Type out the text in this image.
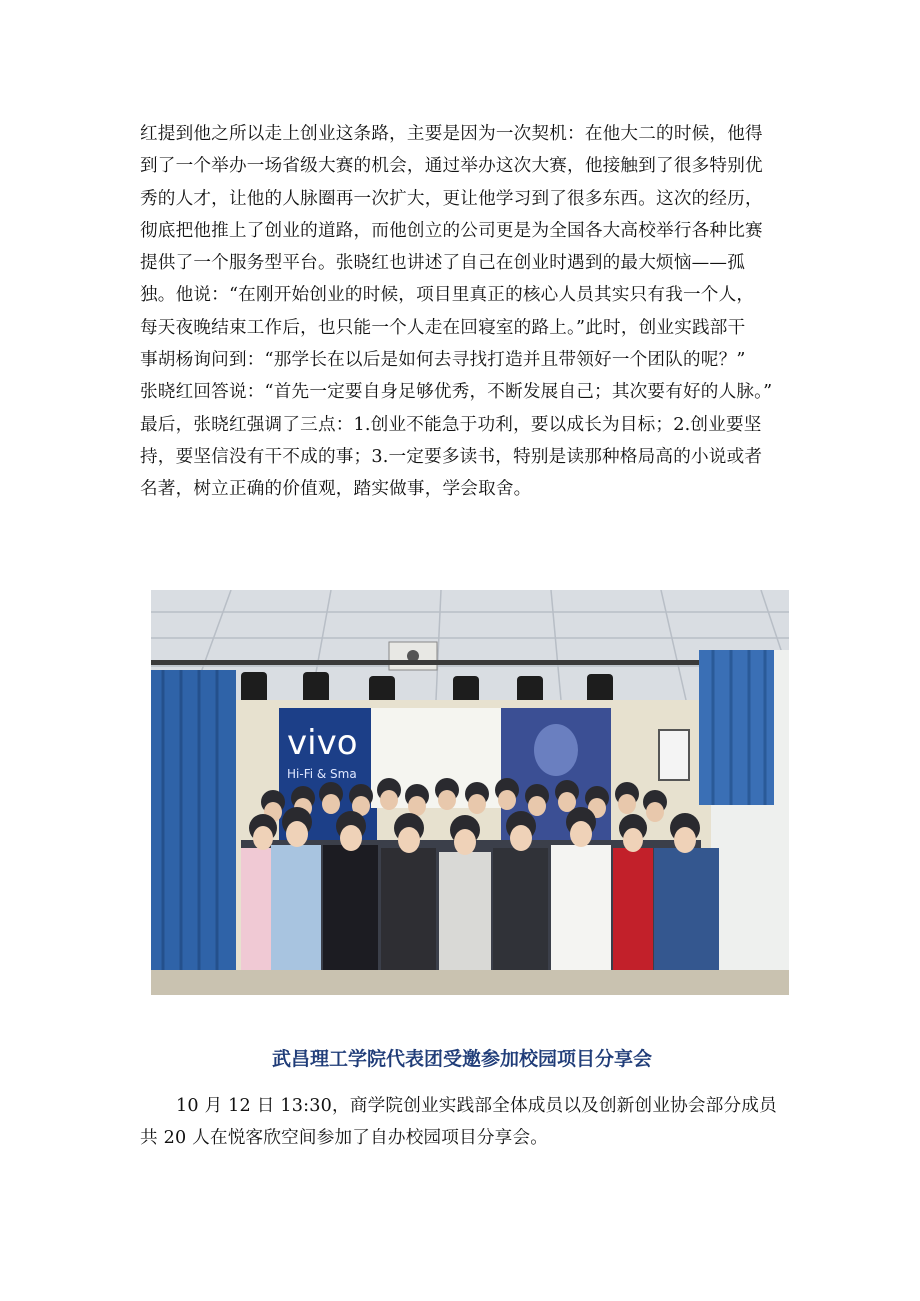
红提到他之所以走上创业这条路，主要是因为一次契机：在他大二的时候，他得
到了一个举办一场省级大赛的机会，通过举办这次大赛，他接触到了很多特别优
秀的人才，让他的人脉圈再一次扩大，更让他学习到了很多东西。这次的经历，
彻底把他推上了创业的道路，而他创立的公司更是为全国各大高校举行各种比赛
提供了一个服务型平台。张晓红也讲述了自己在创业时遇到的最大烦恼——孤
独。他说：“在刚开始创业的时候，项目里真正的核心人员其实只有我一个人，
每天夜晚结束工作后，也只能一个人走在回寝室的路上。”此时，创业实践部干
事胡杨询问到：“那学长在以后是如何去寻找打造并且带领好一个团队的呢？”
张晓红回答说：“首先一定要自身足够优秀，不断发展自己；其次要有好的人脉。”
最后，张晓红强调了三点：1.创业不能急于功利，要以成长为目标；2.创业要坚
持，要坚信没有干不成的事；3.一定要多读书，特别是读那种格局高的小说或者
名著，树立正确的价值观，踏实做事，学会取舍。
vivo
Hi-Fi & Sma
武昌理工学院代表团受邀参加校园项目分享会
10 月 12 日 13:30，商学院创业实践部全体成员以及创新创业协会部分成员
共 20 人在悦客欣空间参加了自办校园项目分享会。
